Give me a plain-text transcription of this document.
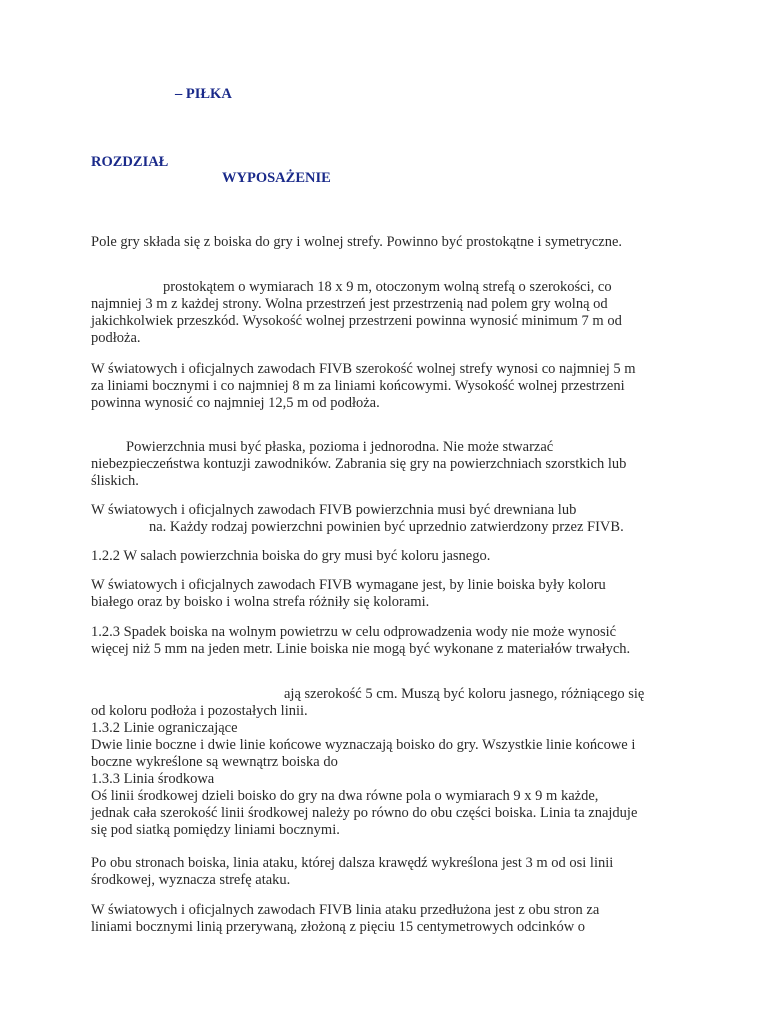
– PIŁKA

ROZDZIAŁ

WYPOSAŻENIE

Pole gry składa się z boiska do gry i wolnej strefy. Powinno być prostokątne i symetryczne.

prostokątem o wymiarach 18 x 9 m, otoczonym wolną strefą o szerokości, co
najmniej 3 m z każdej strony. Wolna przestrzeń jest przestrzenią nad polem gry wolną od
jakichkolwiek przeszkód. Wysokość wolnej przestrzeni powinna wynosić minimum 7 m od
podłoża.
W światowych i oficjalnych zawodach FIVB szerokość wolnej strefy wynosi co najmniej 5 m
za liniami bocznymi i co najmniej 8 m za liniami końcowymi. Wysokość wolnej przestrzeni
powinna wynosić co najmniej 12,5 m od podłoża.
Powierzchnia musi być płaska, pozioma i jednorodna. Nie może stwarzać
niebezpieczeństwa kontuzji zawodników. Zabrania się gry na powierzchniach szorstkich lub
śliskich.
W światowych i oficjalnych zawodach FIVB powierzchnia musi być drewniana lub
na. Każdy rodzaj powierzchni powinien być uprzednio zatwierdzony przez FIVB.

1.2.2 W salach powierzchnia boiska do gry musi być koloru jasnego.

W światowych i oficjalnych zawodach FIVB wymagane jest, by linie boiska były koloru
białego oraz by boisko i wolna strefa różniły się kolorami.
1.2.3 Spadek boiska na wolnym powietrzu w celu odprowadzenia wody nie może wynosić
więcej niż 5 mm na jeden metr. Linie boiska nie mogą być wykonane z materiałów trwałych.
ają szerokość 5 cm. Muszą być koloru jasnego, różniącego się
od koloru podłoża i pozostałych linii.
1.3.2 Linie ograniczające
Dwie linie boczne i dwie linie końcowe wyznaczają boisko do gry. Wszystkie linie końcowe i
boczne wykreślone są wewnątrz boiska do
1.3.3 Linia środkowa
Oś linii środkowej dzieli boisko do gry na dwa równe pola o wymiarach 9 x 9 m każde,
jednak cała szerokość linii środkowej należy po równo do obu części boiska. Linia ta znajduje
się pod siatką pomiędzy liniami bocznymi.
Po obu stronach boiska, linia ataku, której dalsza krawędź wykreślona jest 3 m od osi linii
środkowej, wyznacza strefę ataku.
W światowych i oficjalnych zawodach FIVB linia ataku przedłużona jest z obu stron za
liniami bocznymi linią przerywaną, złożoną z pięciu 15 centymetrowych odcinków o
